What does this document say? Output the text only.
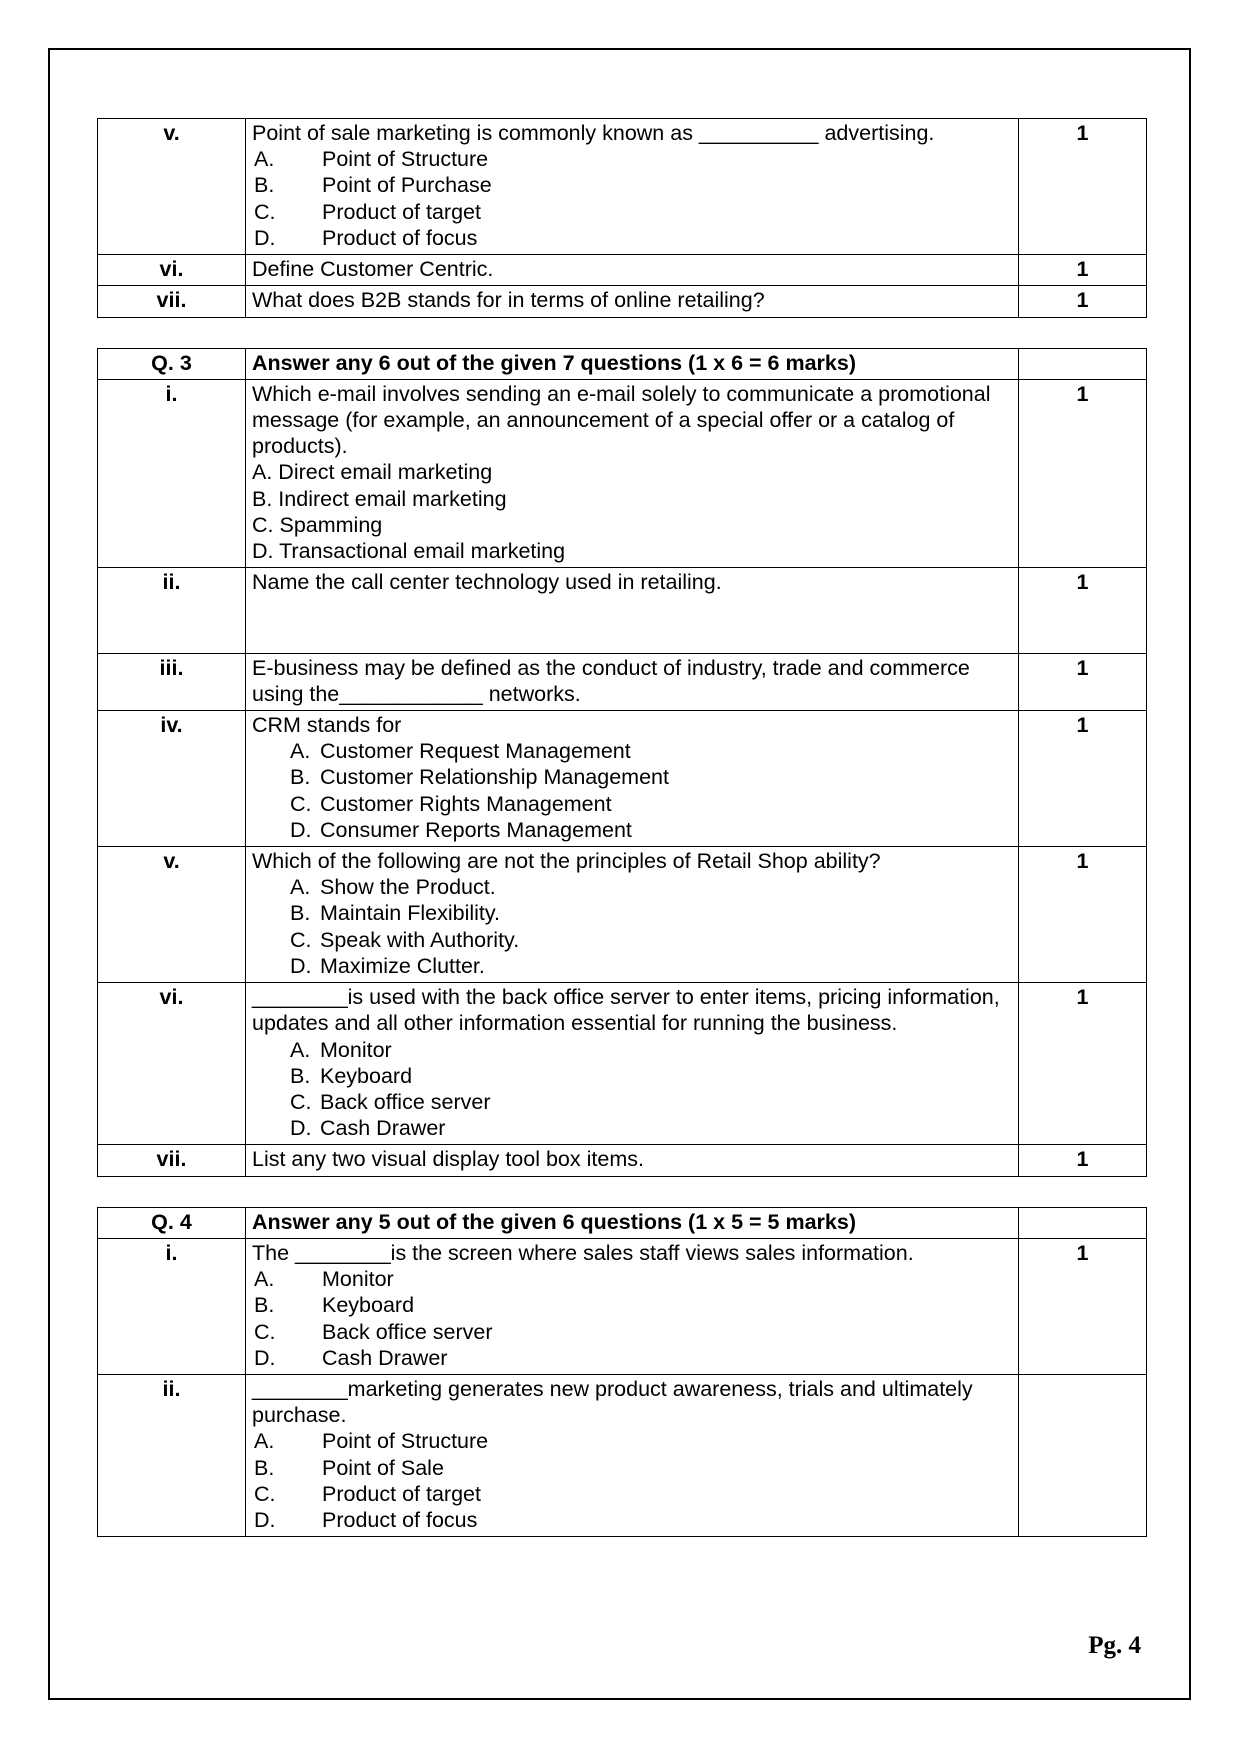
v.	Point of sale marketing is commonly known as __________ advertising.
A. Point of Structure
B. Point of Purchase
C. Product of target
D. Product of focus	1
vi.	Define Customer Centric.	1
vii.	What does B2B stands for in terms of online retailing?	1
Q. 3	Answer any 6 out of the given 7 questions (1 x 6 = 6 marks)	
i.	Which e-mail involves sending an e-mail solely to communicate a promotional message (for example, an announcement of a special offer or a catalog of products).
A. Direct email marketing
B. Indirect email marketing
C. Spamming
D. Transactional email marketing	1
ii.	Name the call center technology used in retailing.	1
iii.	E-business may be defined as the conduct of industry, trade and commerce using the____________ networks.	1
iv.	CRM stands for
A. Customer Request Management
B. Customer Relationship Management
C. Customer Rights Management
D. Consumer Reports Management	1
v.	Which of the following are not the principles of Retail Shop ability?
A. Show the Product.
B. Maintain Flexibility.
C. Speak with Authority.
D. Maximize Clutter.	1
vi.	________is used with the back office server to enter items, pricing information, updates and all other information essential for running the business.
A. Monitor
B. Keyboard
C. Back office server
D. Cash Drawer	1
vii.	List any two visual display tool box items.	1
Q. 4	Answer any 5 out of the given 6 questions (1 x 5 = 5 marks)	
i.	The ________is the screen where sales staff views sales information.
A. Monitor
B. Keyboard
C. Back office server
D. Cash Drawer	1
ii.	________marketing generates new product awareness, trials and ultimately purchase.
A. Point of Structure
B. Point of Sale
C. Product of target
D. Product of focus	

Pg. 4
